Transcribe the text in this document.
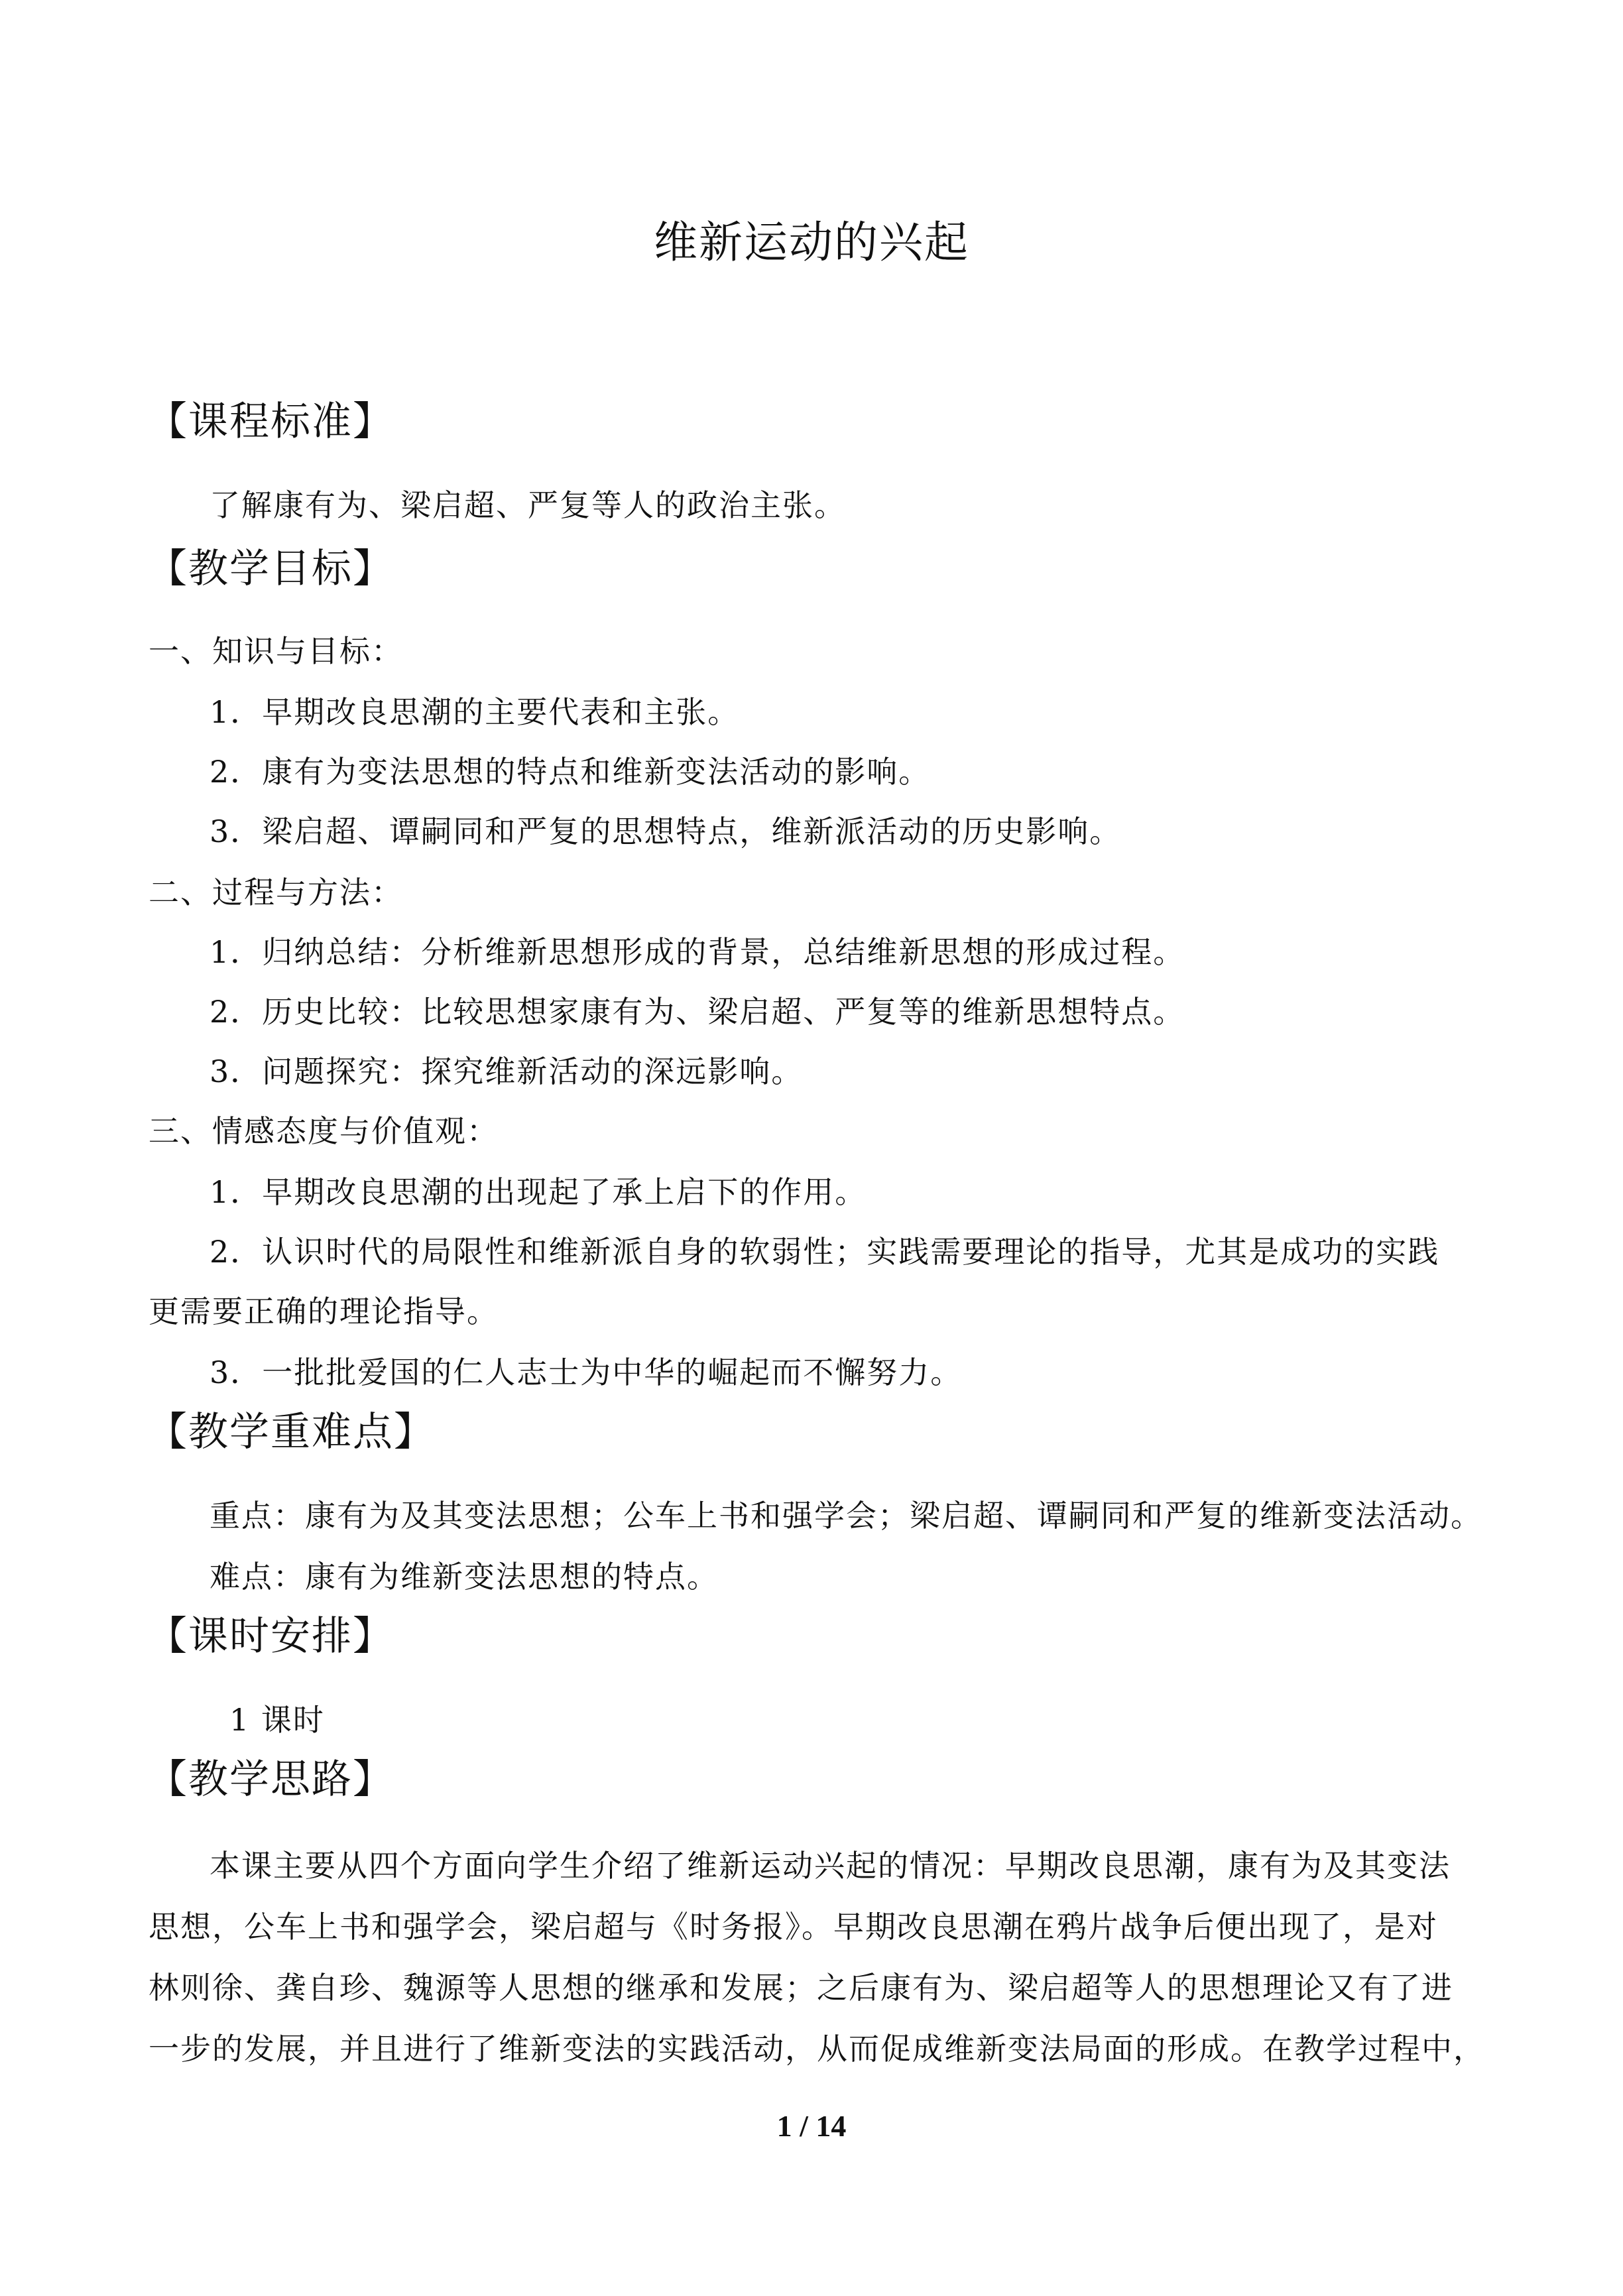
维新运动的兴起
【课程标准】
了解康有为、梁启超、严复等人的政治主张。
【教学目标】
一、知识与目标：
1．早期改良思潮的主要代表和主张。
2．康有为变法思想的特点和维新变法活动的影响。
3．梁启超、谭嗣同和严复的思想特点，维新派活动的历史影响。
二、过程与方法：
1．归纳总结：分析维新思想形成的背景，总结维新思想的形成过程。
2．历史比较：比较思想家康有为、梁启超、严复等的维新思想特点。
3．问题探究：探究维新活动的深远影响。
三、情感态度与价值观：
1．早期改良思潮的出现起了承上启下的作用。
2．认识时代的局限性和维新派自身的软弱性；实践需要理论的指导，尤其是成功的实践
更需要正确的理论指导。
3．一批批爱国的仁人志士为中华的崛起而不懈努力。
【教学重难点】
重点：康有为及其变法思想；公车上书和强学会；梁启超、谭嗣同和严复的维新变法活动。
难点：康有为维新变法思想的特点。
【课时安排】
1 课时
【教学思路】
本课主要从四个方面向学生介绍了维新运动兴起的情况：早期改良思潮，康有为及其变法
思想，公车上书和强学会，梁启超与《时务报》。早期改良思潮在鸦片战争后便出现了，是对
林则徐、龚自珍、魏源等人思想的继承和发展；之后康有为、梁启超等人的思想理论又有了进
一步的发展，并且进行了维新变法的实践活动，从而促成维新变法局面的形成。在教学过程中，
1 / 14
